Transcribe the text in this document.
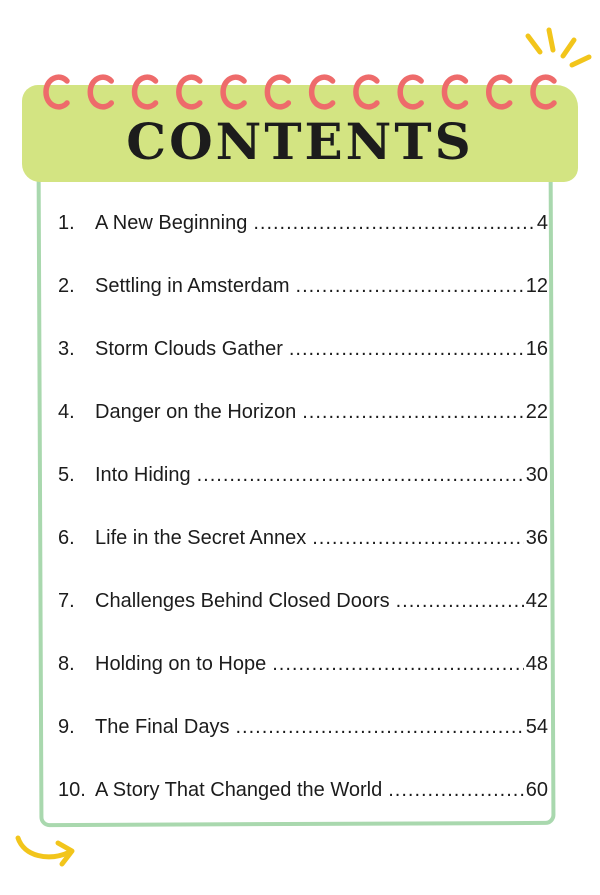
CONTENTS
1.	A New Beginning .....	4
2.	Settling in Amsterdam .....	12
3.	Storm Clouds Gather .....	16
4.	Danger on the Horizon .....	22
5.	Into Hiding .....	30
6.	Life in the Secret Annex .....	36
7.	Challenges Behind Closed Doors .....	42
8.	Holding on to Hope .....	48
9.	The Final Days .....	54
10. A Story That Changed the World .....	60
